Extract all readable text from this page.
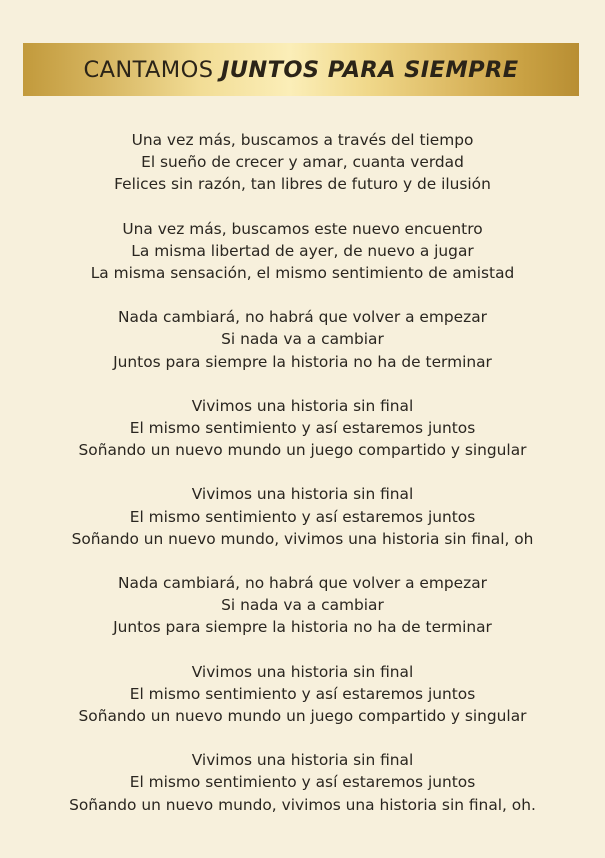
CANTAMOS JUNTOS PARA SIEMPRE
Una vez más, buscamos a través del tiempo
El sueño de crecer y amar, cuanta verdad
Felices sin razón, tan libres de futuro y de ilusión
Una vez más, buscamos este nuevo encuentro
La misma libertad de ayer, de nuevo a jugar
La misma sensación, el mismo sentimiento de amistad
Nada cambiará, no habrá que volver a empezar
Si nada va a cambiar
Juntos para siempre la historia no ha de terminar
Vivimos una historia sin final
El mismo sentimiento y así estaremos juntos
Soñando un nuevo mundo un juego compartido y singular
Vivimos una historia sin final
El mismo sentimiento y así estaremos juntos
Soñando un nuevo mundo, vivimos una historia sin final, oh
Nada cambiará, no habrá que volver a empezar
Si nada va a cambiar
Juntos para siempre la historia no ha de terminar
Vivimos una historia sin final
El mismo sentimiento y así estaremos juntos
Soñando un nuevo mundo un juego compartido y singular
Vivimos una historia sin final
El mismo sentimiento y así estaremos juntos
Soñando un nuevo mundo, vivimos una historia sin final, oh.
